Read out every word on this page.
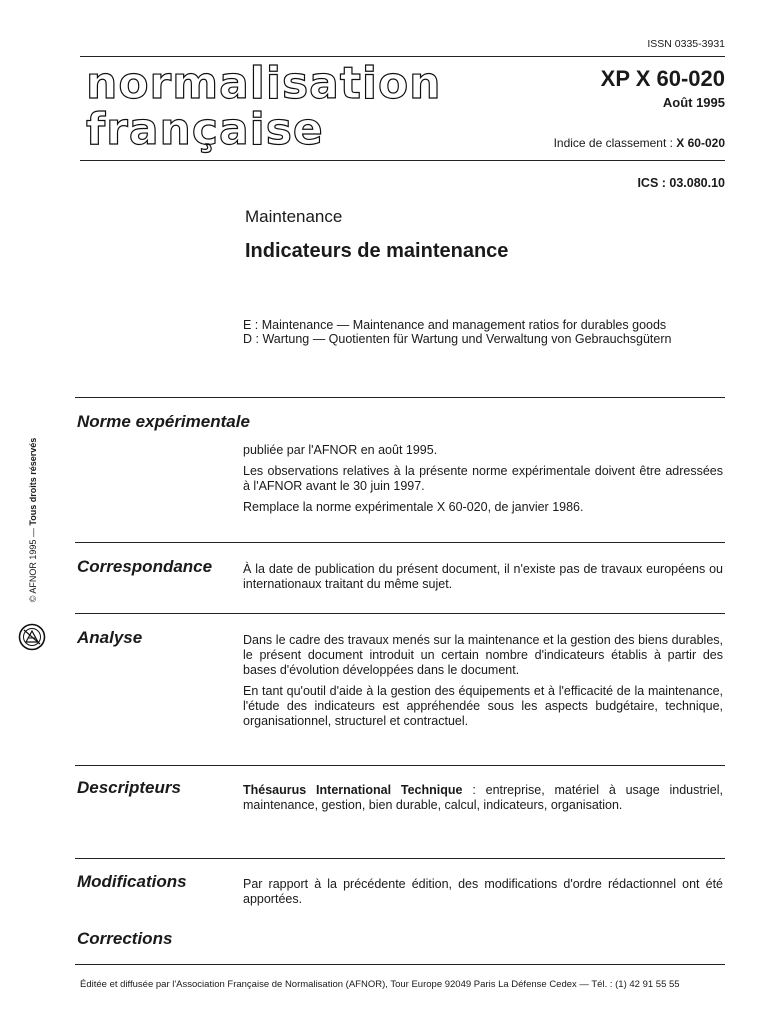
ISSN 0335-3931
normalisation
française
XP X 60-020
Août 1995
Indice de classement : X 60-020
ICS : 03.080.10
Maintenance
Indicateurs de maintenance
E : Maintenance — Maintenance and management ratios for durables goods
D : Wartung — Quotienten für Wartung und Verwaltung von Gebrauchsgütern
Norme expérimentale

publiée par l'AFNOR en août 1995.

Les observations relatives à la présente norme expérimentale doivent être adressées à l'AFNOR avant le 30 juin 1997.

Remplace la norme expérimentale X 60-020, de janvier 1986.

Correspondance À la date de publication du présent document, il n'existe pas de travaux européens ou internationaux traitant du même sujet.

Analyse	Dans le cadre des travaux menés sur la maintenance et la gestion des biens durables, le présent document introduit un certain nombre d'indicateurs établis à partir des bases d'évolution développées dans le document.

En tant qu'outil d'aide à la gestion des équipements et à l'efficacité de la maintenance, l'étude des indicateurs est appréhendée sous les aspects budgétaire, technique, organisationnel, structurel et contractuel.

Descripteurs	Thésaurus International Technique : entreprise, matériel à usage industriel, maintenance, gestion, bien durable, calcul, indicateurs, organisation.

Modifications	Par rapport à la précédente édition, des modifications d'ordre rédactionnel ont été apportées.

Corrections
Éditée et diffusée par l'Association Française de Normalisation (AFNOR), Tour Europe 92049 Paris La Défense Cedex — Tél. : (1) 42 91 55 55
© AFNOR 1995 — Tous droits réservés
